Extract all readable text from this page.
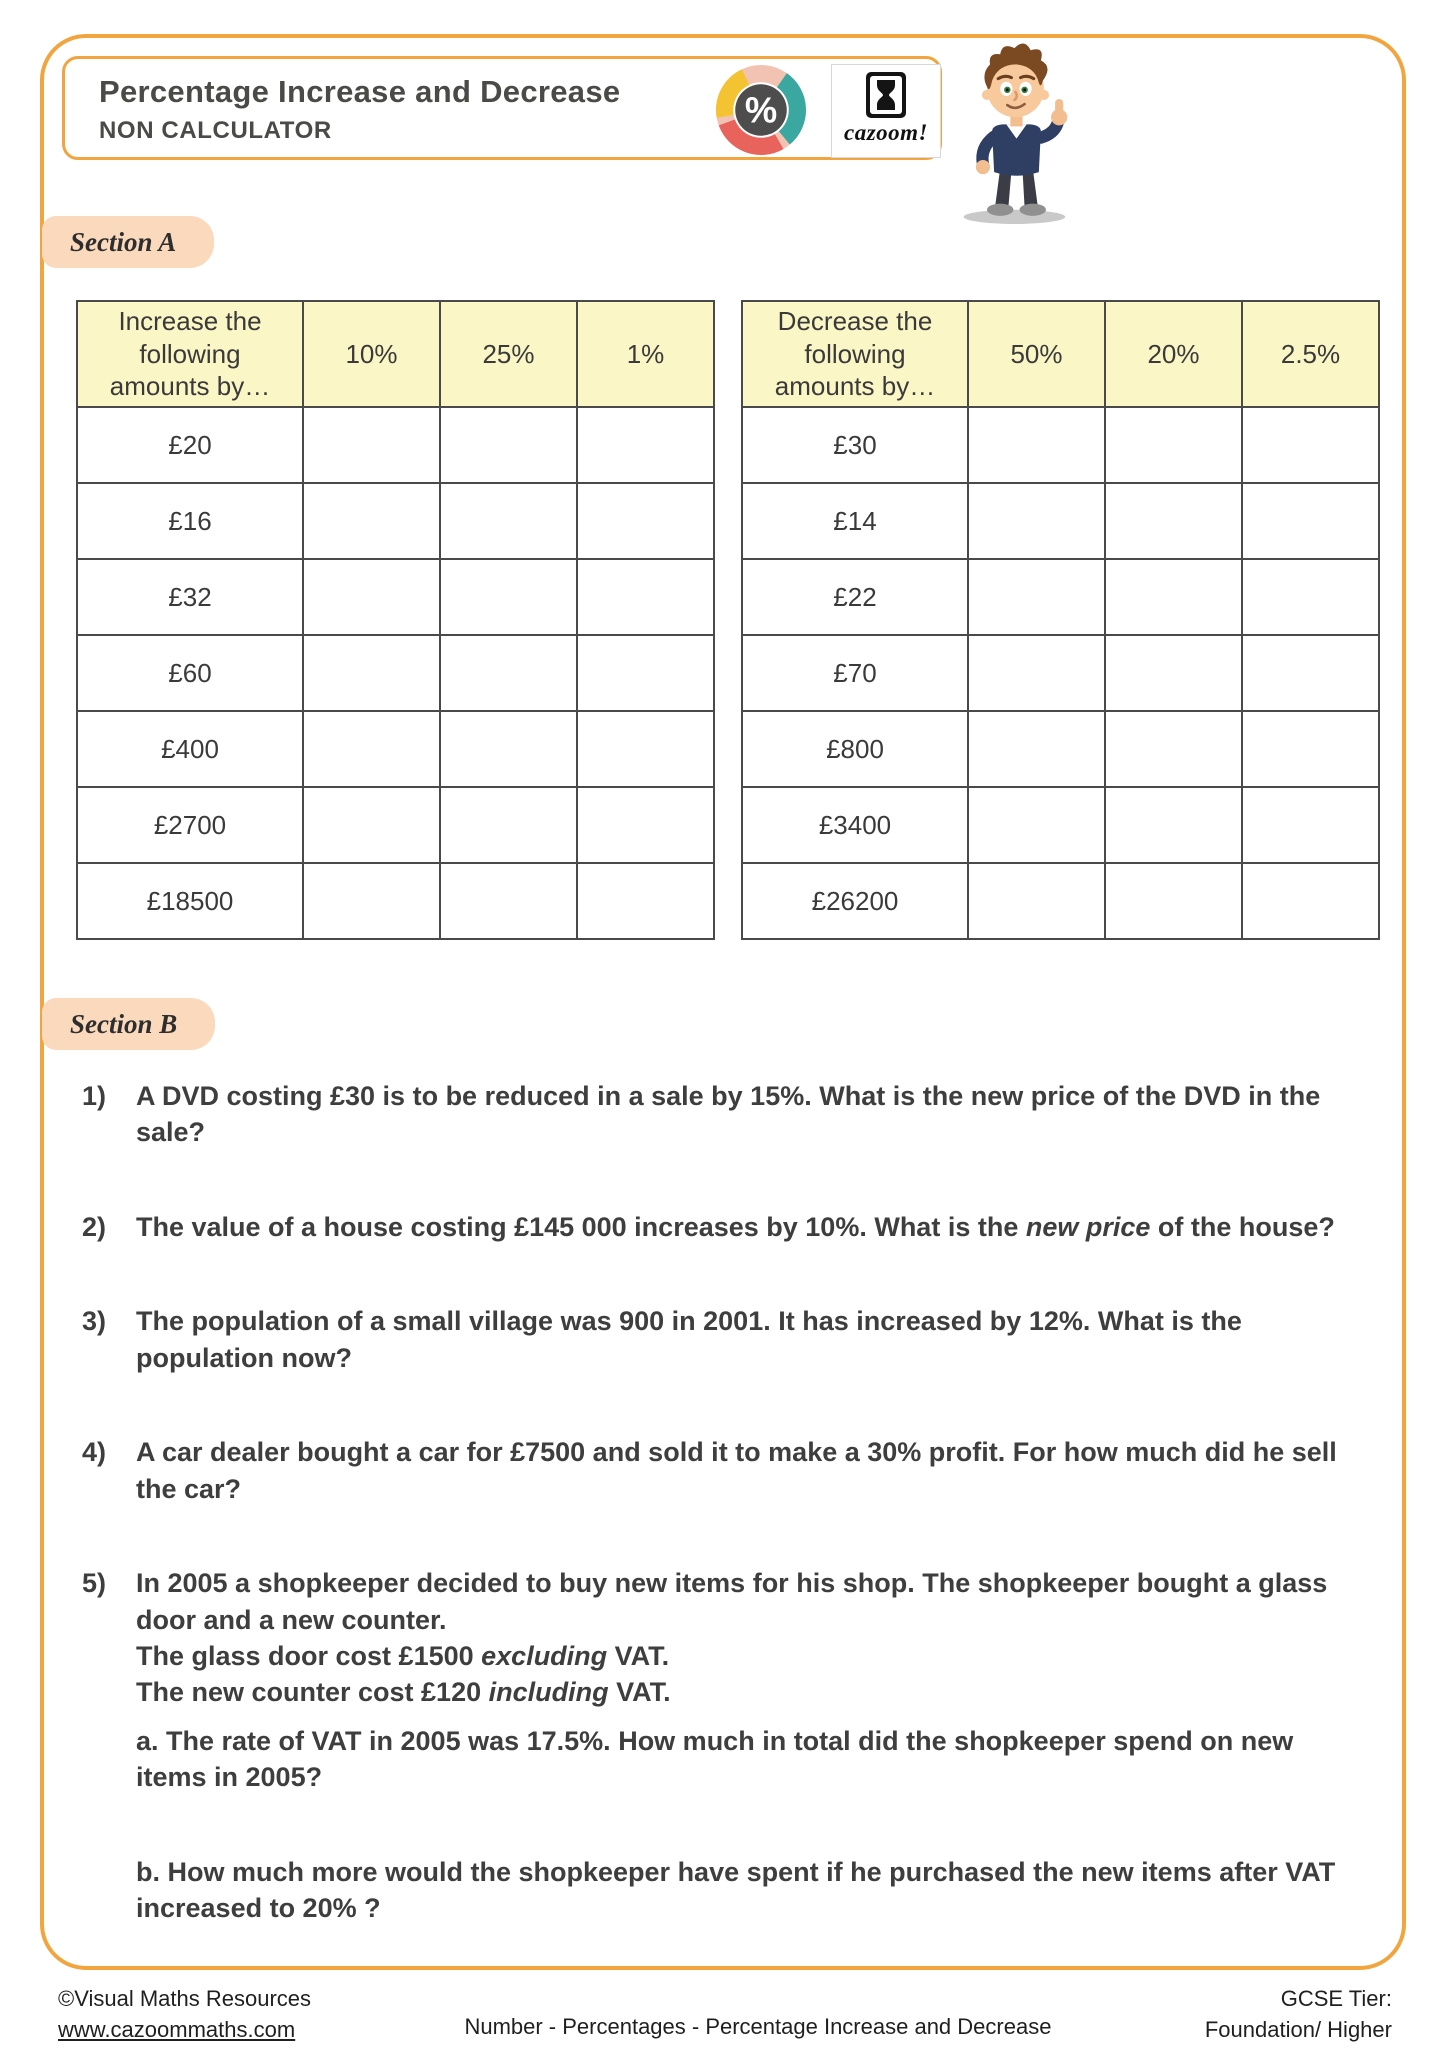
Percentage Increase and Decrease
NON CALCULATOR	%
cazoom!
Section A
Increase the following amounts by…	10%	25%	1%
£20			
£16			
£32			
£60			
£400			
£2700			
£18500			
Decrease the following amounts by…	50%	20%	2.5%
£30			
£14			
£22			
£70			
£800			
£3400			
£26200			
Section B
1)	A DVD costing £30 is to be reduced in a sale by 15%. What is the new price of the DVD in the sale?
2)	The value of a house costing £145 000 increases by 10%. What is the new price of the house?
3)	The population of a small village was 900 in 2001. It has increased by 12%. What is the population now?
4)	A car dealer bought a car for £7500 and sold it to make a 30% profit. For how much did he sell the car?
5)	In 2005 a shopkeeper decided to buy new items for his shop. The shopkeeper bought a glass door and a new counter.

The glass door cost £1500 excluding VAT.

The new counter cost £120 including VAT.

a. The rate of VAT in 2005 was 17.5%. How much in total did the shopkeeper spend on new items in 2005?

b. How much more would the shopkeeper have spent if he purchased the new items after VAT increased to 20% ?

©Visual Maths Resources
www.cazoommaths.com	Number - Percentages - Percentage Increase and Decrease
GCSE Tier:
Foundation/ Higher
